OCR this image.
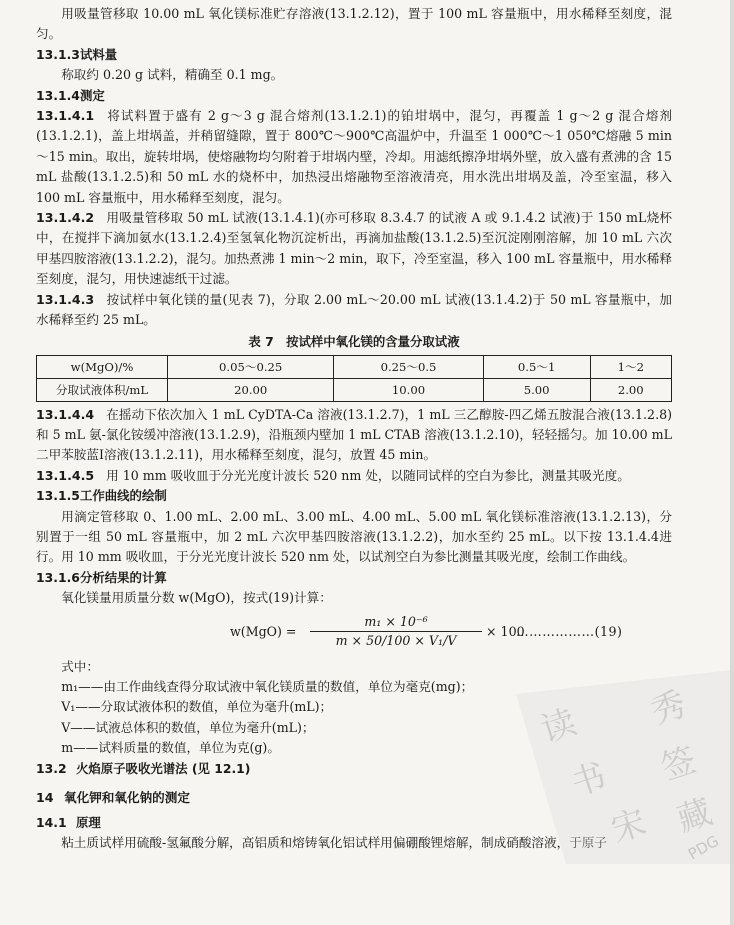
用吸量管移取 10.00 mL 氧化镁标准贮存溶液(13.1.2.12)，置于 100 mL 容量瓶中，用水稀释至刻度，混匀。

13.1.3试料量

称取约 0.20 g 试料，精确至 0.1 mg。

13.1.4测定

13.1.4.1 将试料置于盛有 2 g～3 g 混合熔剂(13.1.2.1)的铂坩埚中，混匀，再覆盖 1 g～2 g 混合熔剂(13.1.2.1)，盖上坩埚盖，并稍留缝隙，置于 800℃～900℃高温炉中，升温至 1 000℃～1 050℃熔融 5 min～15 min。取出，旋转坩埚，使熔融物均匀附着于坩埚内壁，冷却。用滤纸擦净坩埚外壁，放入盛有煮沸的含 15 mL 盐酸(13.1.2.5)和 50 mL 水的烧杯中，加热浸出熔融物至溶液清亮，用水洗出坩埚及盖，冷至室温，移入 100 mL 容量瓶中，用水稀释至刻度，混匀。

13.1.4.2 用吸量管移取 50 mL 试液(13.1.4.1)(亦可移取 8.3.4.7 的试液 A 或 9.1.4.2 试液)于 150 mL烧杯中，在搅拌下滴加氨水(13.1.2.4)至氢氧化物沉淀析出，再滴加盐酸(13.1.2.5)至沉淀刚刚溶解，加 10 mL 六次甲基四胺溶液(13.1.2.2)，混匀。加热煮沸 1 min～2 min，取下，冷至室温，移入 100 mL 容量瓶中，用水稀释至刻度，混匀，用快速滤纸干过滤。

13.1.4.3 按试样中氧化镁的量(见表 7)，分取 2.00 mL～20.00 mL 试液(13.1.4.2)于 50 mL 容量瓶中，加水稀释至约 25 mL。

表 7　按试样中氧化镁的含量分取试液

w(MgO)/%	0.05～0.25	0.25～0.5	0.5～1	1～2
分取试液体积/mL	20.00	10.00	5.00	2.00

13.1.4.4 在摇动下依次加入 1 mL CyDTA-Ca 溶液(13.1.2.7)，1 mL 三乙醇胺-四乙烯五胺混合液(13.1.2.8)和 5 mL 氨-氯化铵缓冲溶液(13.1.2.9)，沿瓶颈内壁加 1 mL CTAB 溶液(13.1.2.10)，轻轻摇匀。加 10.00 mL 二甲苯胺蓝Ⅰ溶液(13.1.2.11)，用水稀释至刻度，混匀，放置 45 min。

13.1.4.5 用 10 mm 吸收皿于分光光度计波长 520 nm 处，以随同试样的空白为参比，测量其吸光度。

13.1.5工作曲线的绘制

用滴定管移取 0、1.00 mL、2.00 mL、3.00 mL、4.00 mL、5.00 mL 氧化镁标准溶液(13.1.2.13)，分别置于一组 50 mL 容量瓶中，加 2 mL 六次甲基四胺溶液(13.1.2.2)，加水至约 25 mL。以下按 13.1.4.4进行。用 10 mm 吸收皿，于分光光度计波长 520 nm 处，以试剂空白为参比测量其吸光度，绘制工作曲线。

13.1.6分析结果的计算

氧化镁量用质量分数 w(MgO)，按式(19)计算：

$w(MgO) = \frac{\text{m₁ × 10⁻⁶}}{\text{m × 50/100 × V₁/V}} \times 100$
………………(19)

式中：

m₁——由工作曲线查得分取试液中氧化镁质量的数值，单位为毫克(mg)；

V₁——分取试液体积的数值，单位为毫升(mL)；

V——试液总体积的数值，单位为毫升(mL)；

m——试料质量的数值，单位为克(g)。

13.2 火焰原子吸收光谱法 (见 12.1)

14 氧化钾和氧化钠的测定

14.1 原理

粘土质试样用硫酸-氢氟酸分解，高铝质和熔铸氧化铝试样用偏硼酸锂熔解，制成硝酸溶液，于原子

读 秀
书 签
宋 藏
PDG
